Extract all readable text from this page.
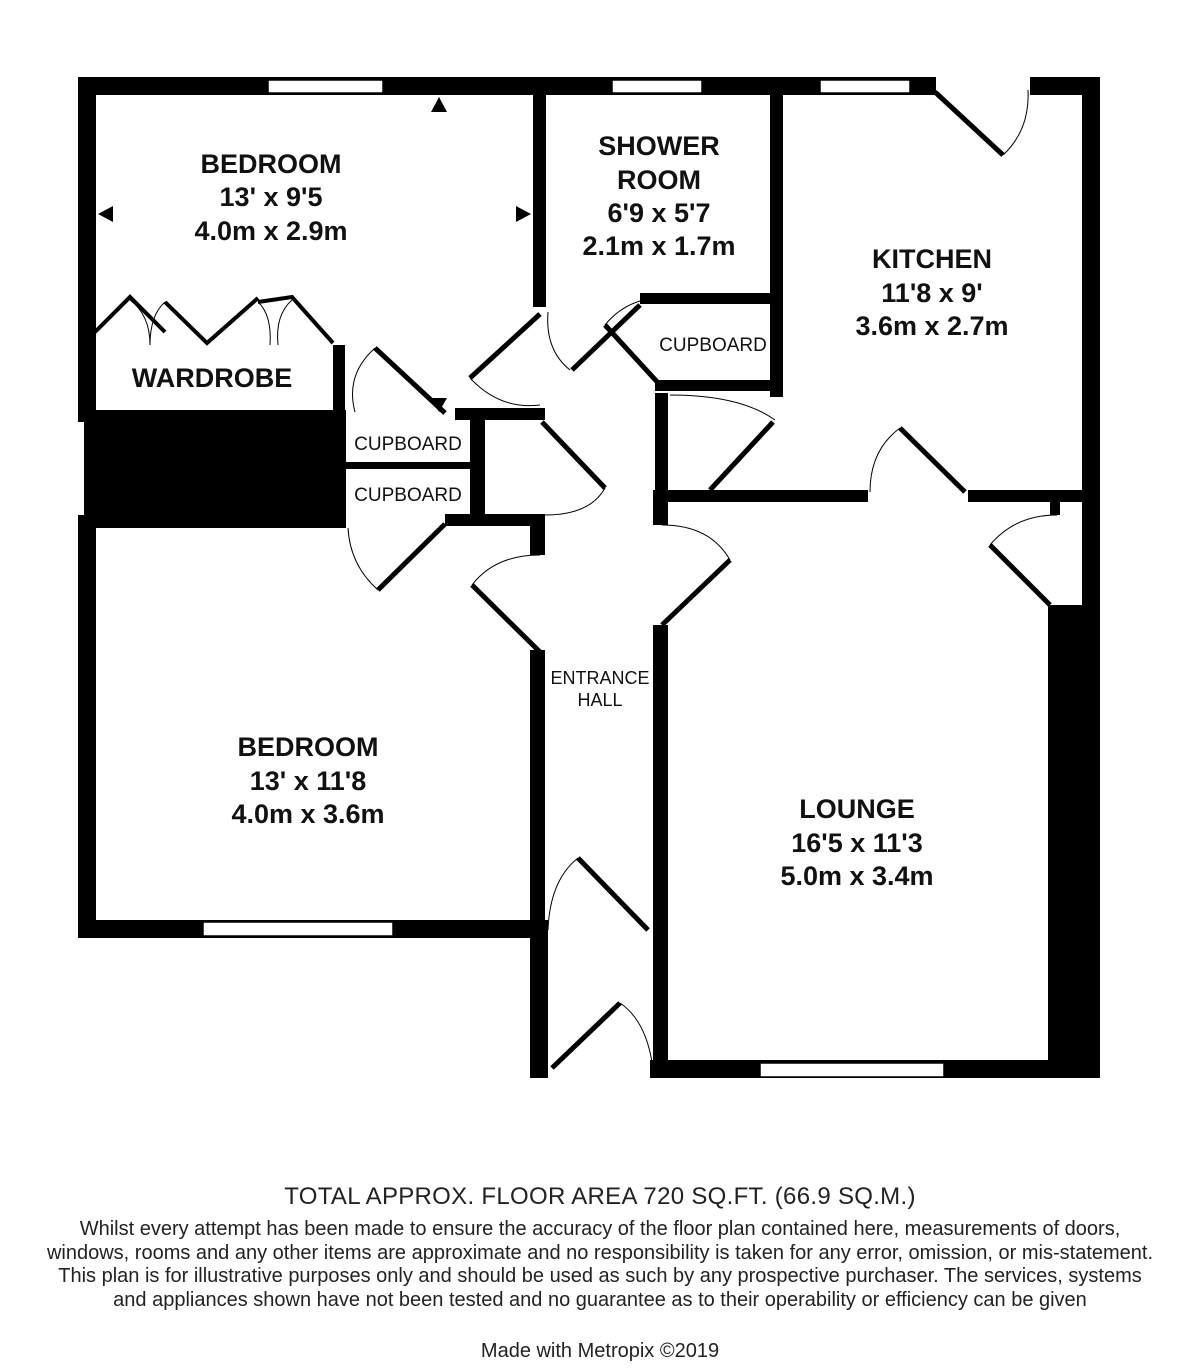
BEDROOM
13' x 9'5
4.0m x 2.9m
SHOWER
ROOM
6'9 x 5'7
2.1m x 1.7m	KITCHEN
11'8 x 9'
3.6m x 2.7m
WARDROBE
CUPBOARD
CUPBOARD
CUPBOARD
ENTRANCE
HALL
BEDROOM
13' x 11'8
4.0m x 3.6m	LOUNGE
16'5 x 11'3
5.0m x 3.4m
TOTAL APPROX. FLOOR AREA 720 SQ.FT. (66.9 SQ.M.)
Whilst every attempt has been made to ensure the accuracy of the floor plan contained here, measurements of doors, windows, rooms and any other items are approximate and no responsibility is taken for any error, omission, or mis-statement. This plan is for illustrative purposes only and should be used as such by any prospective purchaser. The services, systems and appliances shown have not been tested and no guarantee as to their operability or efficiency can be given
Made with Metropix ©2019
